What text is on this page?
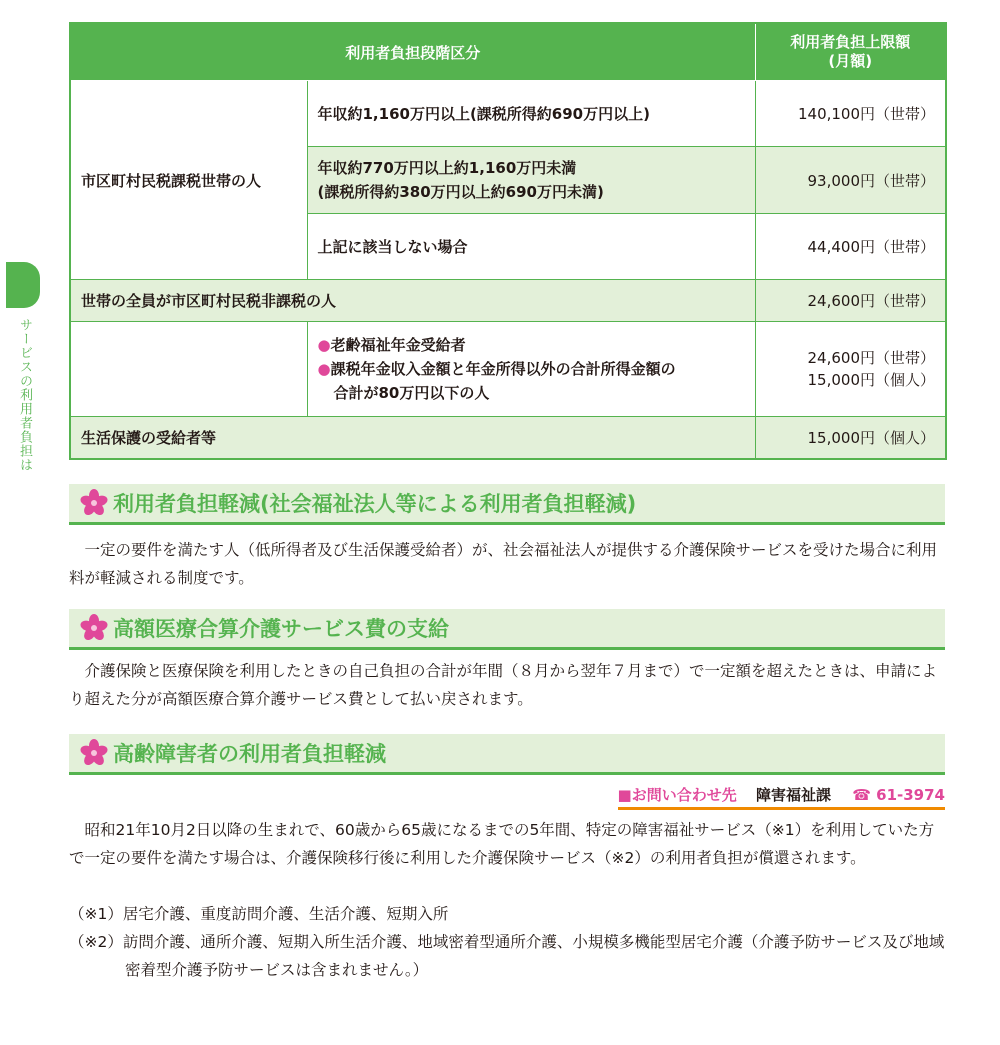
サービスの利用者負担は
利用者負担段階区分		利用者負担上限額
(月額)
市区町村民税課税世帯の人	年収約1,160万円以上(課税所得約690万円以上)	140,100円（世帯）
	年収約770万円以上約1,160万円未満
(課税所得約380万円以上約690万円未満)	93,000円（世帯）
	上記に該当しない場合	44,400円（世帯）
世帯の全員が市区町村民税非課税の人		24,600円（世帯）
	●老齢福祉年金受給者
●課税年金収入金額と年金所得以外の合計所得金額の
合計が80万円以下の人	24,600円（世帯）
15,000円（個人）
生活保護の受給者等		15,000円（個人）
利用者負担軽減(社会福祉法人等による利用者負担軽減)

一定の要件を満たす人（低所得者及び生活保護受給者）が、社会福祉法人が提供する介護保険サービスを受けた場合に利用料が軽減される制度です。

高額医療合算介護サービス費の支給

介護保険と医療保険を利用したときの自己負担の合計が年間（８月から翌年７月まで）で一定額を超えたときは、申請により超えた分が高額医療合算介護サービス費として払い戻されます。

高齢障害者の利用者負担軽減
■お問い合わせ先 障害福祉課 ☎ 61-3974

昭和21年10月2日以降の生まれで、60歳から65歳になるまでの5年間、特定の障害福祉サービス（※1）を利用していた方で一定の要件を満たす場合は、介護保険移行後に利用した介護保険サービス（※2）の利用者負担が償還されます。

（※1）居宅介護、重度訪問介護、生活介護、短期入所

（※2）訪問介護、通所介護、短期入所生活介護、地域密着型通所介護、小規模多機能型居宅介護（介護予防サービス及び地域密着型介護予防サービスは含まれません。）
